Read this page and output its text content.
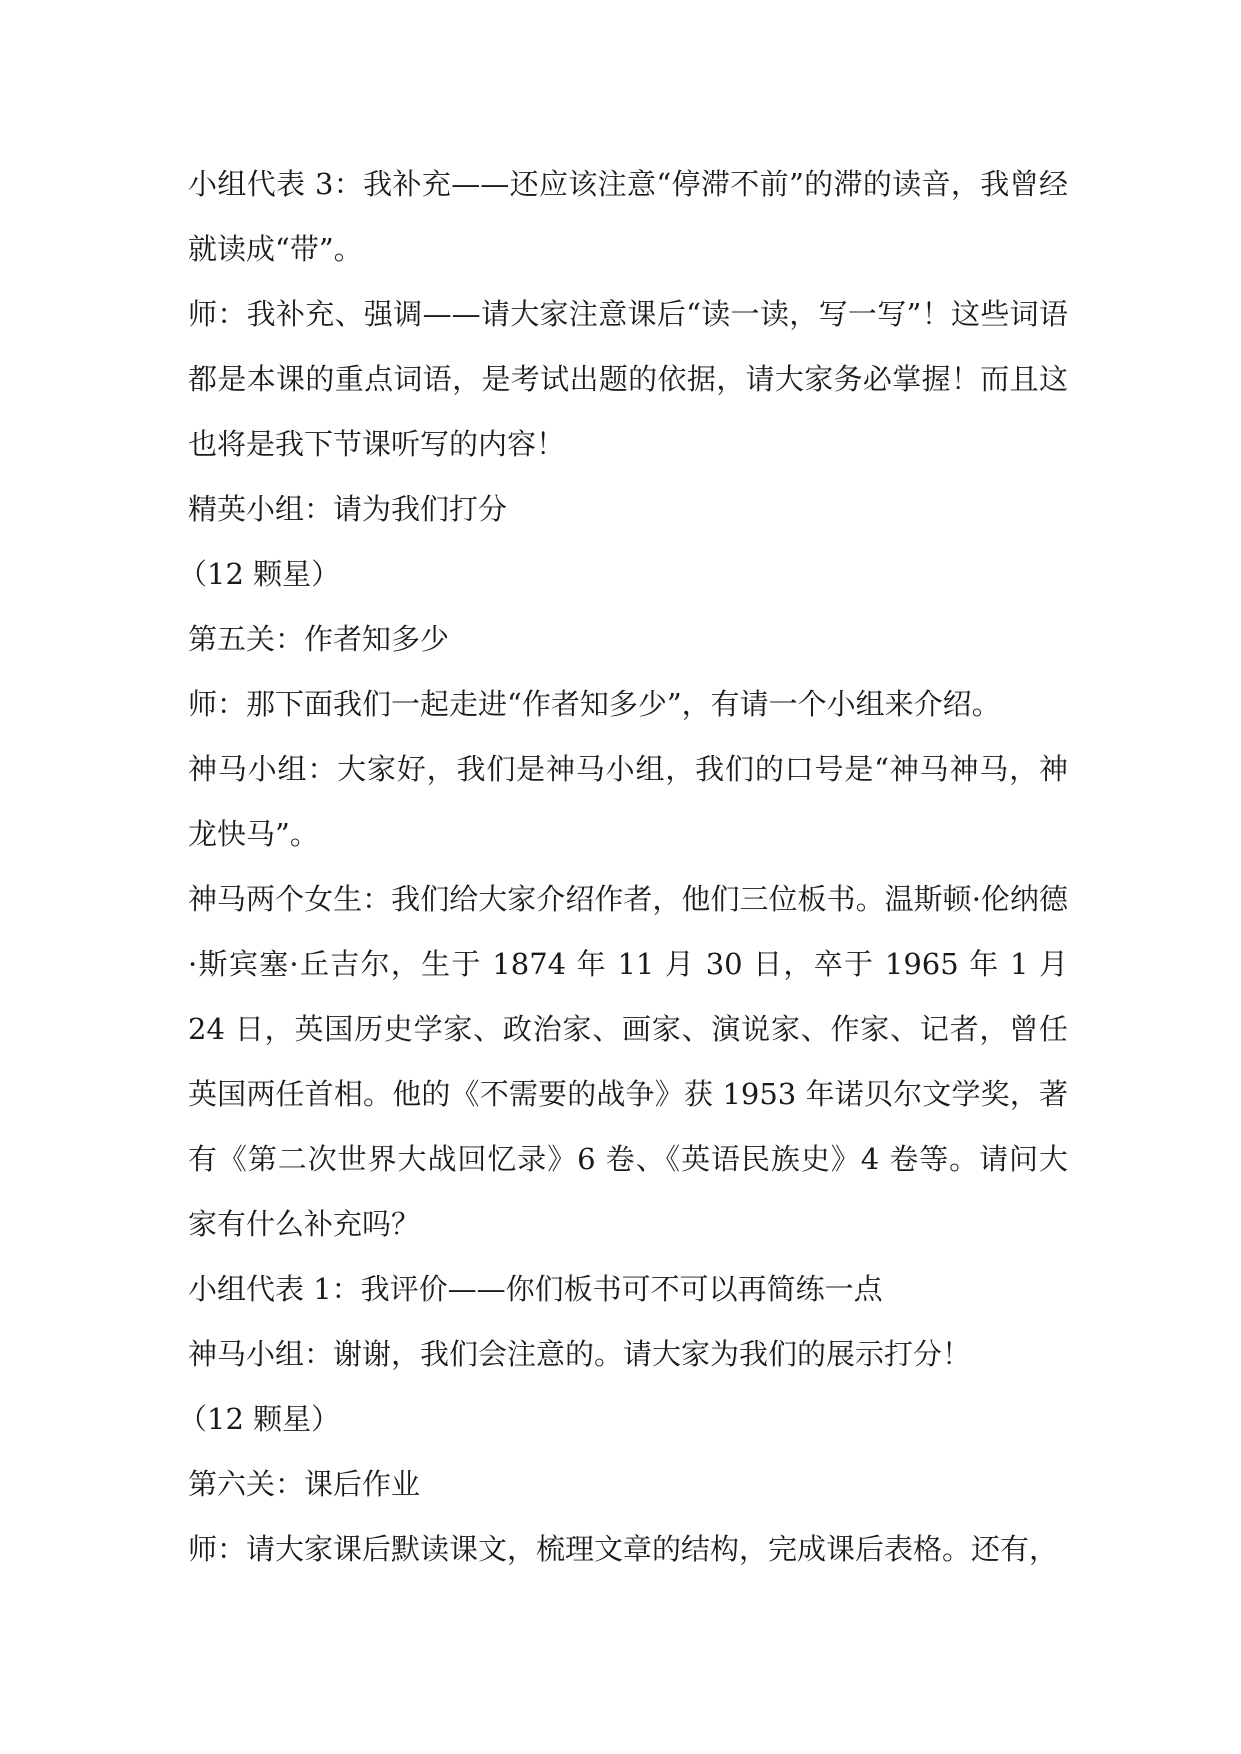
小组代表 3：我补充——还应该注意“停滞不前”的滞的读音，我曾经就读成“带”。

师：我补充、强调——请大家注意课后“读一读，写一写”！这些词语都是本课的重点词语，是考试出题的依据，请大家务必掌握！而且这也将是我下节课听写的内容！

精英小组：请为我们打分

（12 颗星）

第五关：作者知多少

师：那下面我们一起走进“作者知多少”，有请一个小组来介绍。

神马小组：大家好，我们是神马小组，我们的口号是“神马神马，神龙快马”。

神马两个女生：我们给大家介绍作者，他们三位板书。温斯顿·伦纳德·斯宾塞·丘吉尔，生于 1874 年 11 月 30 日，卒于 1965 年 1 月 24 日，英国历史学家、政治家、画家、演说家、作家、记者，曾任英国两任首相。他的《不需要的战争》获 1953 年诺贝尔文学奖，著有《第二次世界大战回忆录》6 卷、《英语民族史》4 卷等。请问大家有什么补充吗？

小组代表 1：我评价——你们板书可不可以再简练一点

神马小组：谢谢，我们会注意的。请大家为我们的展示打分！

（12 颗星）

第六关：课后作业

师：请大家课后默读课文，梳理文章的结构，完成课后表格。还有，
